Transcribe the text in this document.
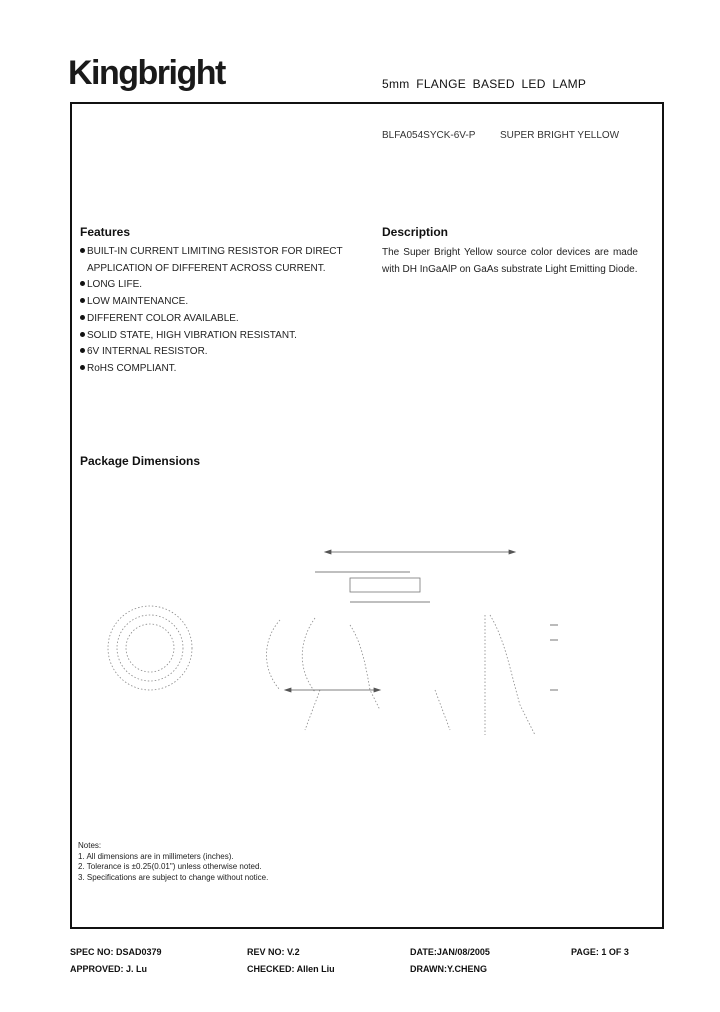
Kingbright	5mm FLANGE BASED LED LAMP
BLFA054SYCK-6V-P SUPER BRIGHT YELLOW
Features
BUILT-IN CURRENT LIMITING RESISTOR FOR DIRECT
APPLICATION OF DIFFERENT ACROSS CURRENT.
LONG LIFE.
LOW MAINTENANCE.
DIFFERENT COLOR AVAILABLE.
SOLID STATE, HIGH VIBRATION RESISTANT.
6V INTERNAL RESISTOR.
RoHS COMPLIANT.
Description
The Super Bright Yellow source color devices are made with DH InGaAlP on GaAs substrate Light Emitting Diode.
Package Dimensions
Notes:
1. All dimensions are in millimeters (inches).
2. Tolerance is ±0.25(0.01") unless otherwise noted.
3. Specifications are subject to change without notice.
SPEC NO: DSAD0379	REV NO: V.2	DATE:JAN/08/2005	PAGE: 1 OF 3
APPROVED: J. Lu	CHECKED: Allen Liu	DRAWN:Y.CHENG
